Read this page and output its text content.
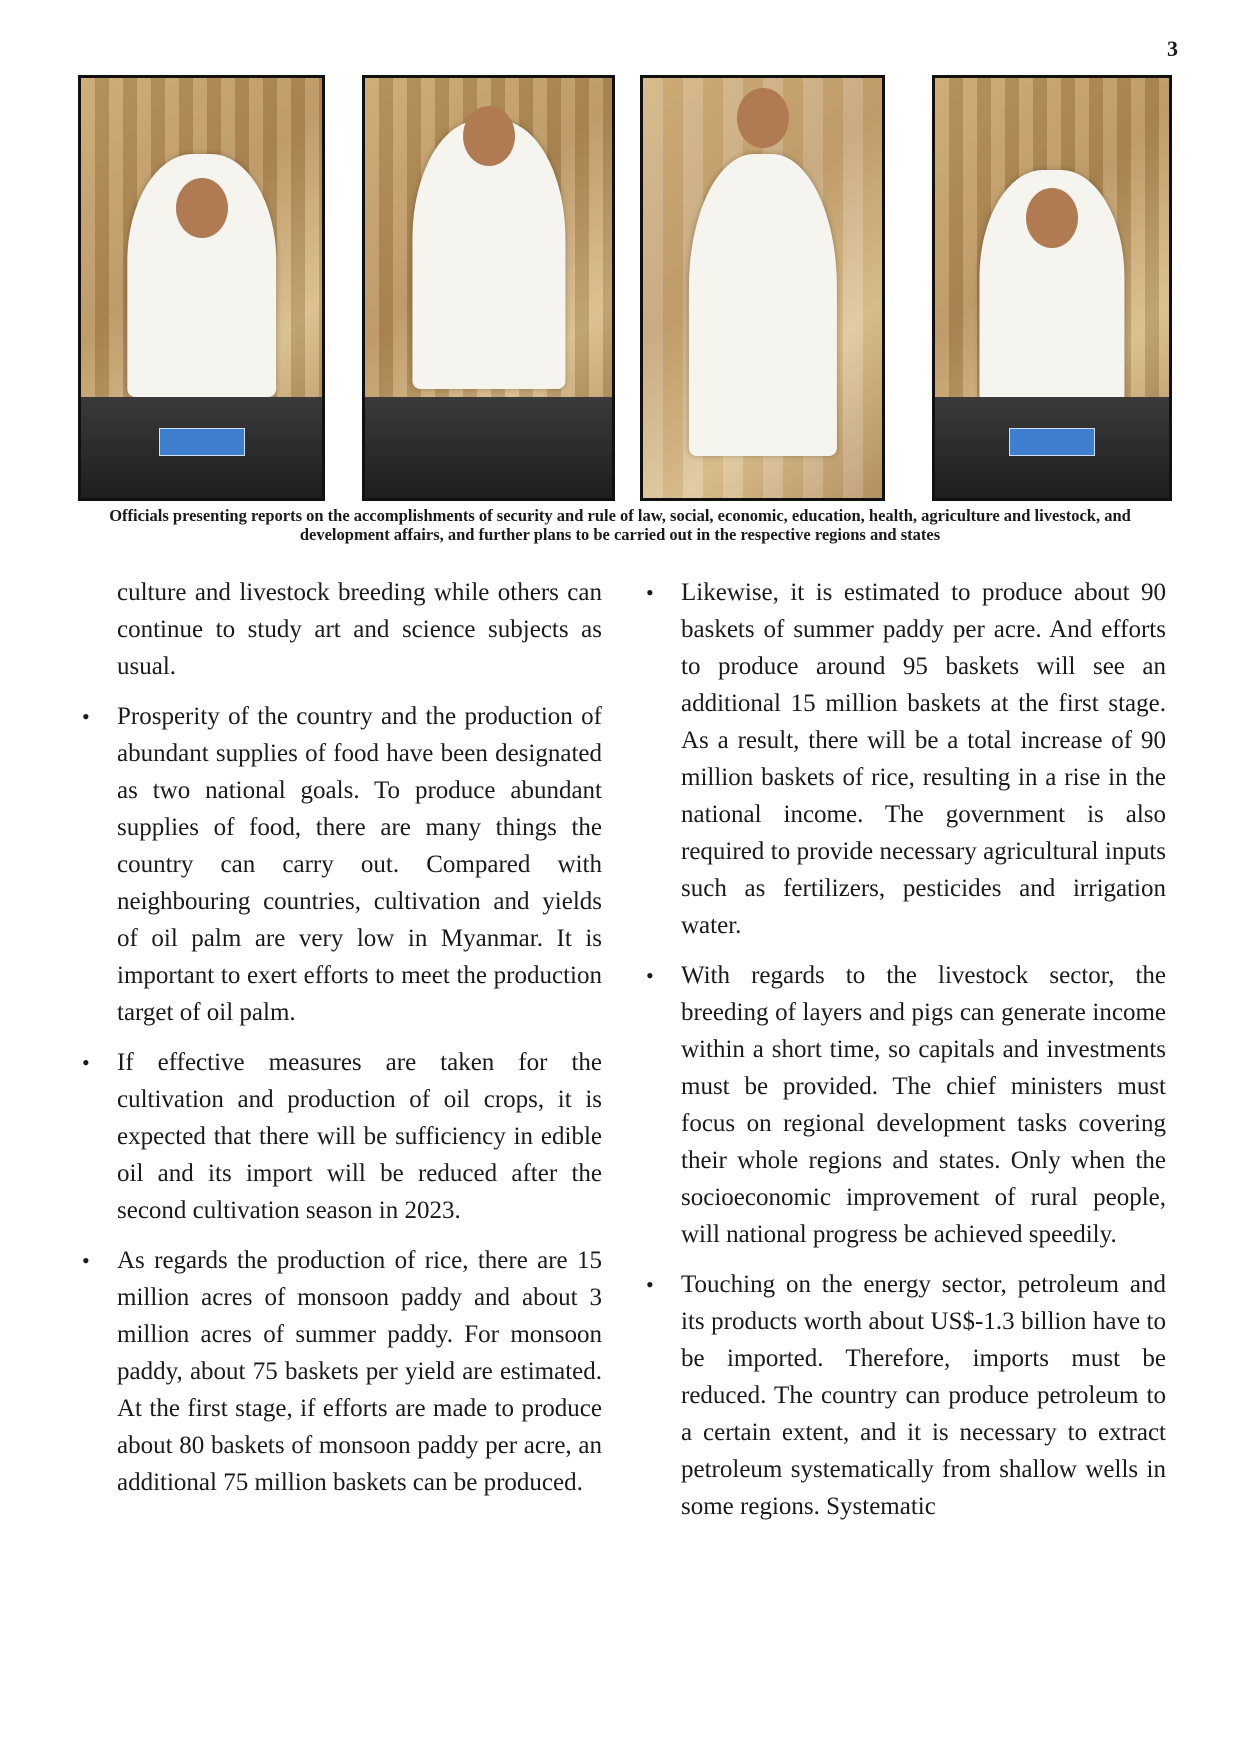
3
Officials presenting reports on the accomplishments of security and rule of law, social, economic, education, health, agriculture and livestock, and development affairs, and further plans to be carried out in the respective regions and states

culture and livestock breeding while others can continue to study art and science subjects as usual.

• Prosperity of the country and the production of abundant supplies of food have been designated as two national goals. To produce abundant supplies of food, there are many things the country can carry out. Compared with neighbouring countries, cultivation and yields of oil palm are very low in Myanmar. It is important to exert efforts to meet the production target of oil palm.

• If effective measures are taken for the cultivation and production of oil crops, it is expected that there will be sufficiency in edible oil and its import will be reduced after the second cultivation season in 2023.

• As regards the production of rice, there are 15 million acres of monsoon paddy and about 3 million acres of summer paddy. For monsoon paddy, about 75 baskets per yield are estimated. At the first stage, if efforts are made to produce about 80 baskets of monsoon paddy per acre, an additional 75 million baskets can be produced.

• Likewise, it is estimated to produce about 90 baskets of summer paddy per acre. And efforts to produce around 95 baskets will see an additional 15 million baskets at the first stage. As a result, there will be a total increase of 90 million baskets of rice, resulting in a rise in the national income. The government is also required to provide necessary agricultural inputs such as fertilizers, pesticides and irrigation water.

• With regards to the livestock sector, the breeding of layers and pigs can generate income within a short time, so capitals and investments must be provided. The chief ministers must focus on regional development tasks covering their whole regions and states. Only when the socioeconomic improvement of rural people, will national progress be achieved speedily.

• Touching on the energy sector, petroleum and its products worth about US$-1.3 billion have to be imported. Therefore, imports must be reduced. The country can produce petroleum to a certain extent, and it is necessary to extract petroleum systematically from shallow wells in some regions. Systematic
